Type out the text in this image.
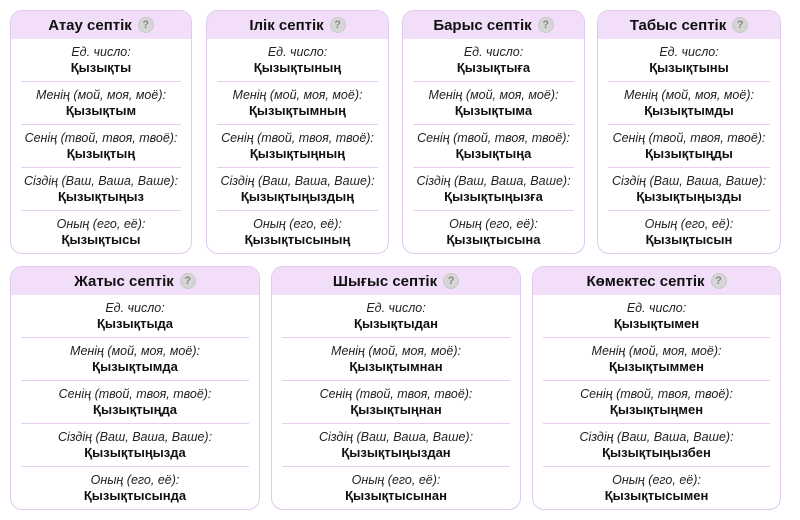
Атау септік ?
Ед. число:
Қызықты
Менің (мой, моя, моё):
Қызықтым
Сенің (твой, твоя, твоё):
Қызықтың
Сіздің (Ваш, Ваша, Ваше):
Қызықтыңыз
Оның (его, её):
Қызықтысы
Ілік септік ?
Ед. число:
Қызықтының
Менің (мой, моя, моё):
Қызықтымның
Сенің (твой, твоя, твоё):
Қызықтыңның
Сіздің (Ваш, Ваша, Ваше):
Қызықтыңыздың
Оның (его, её):
Қызықтысының
Барыс септік ?
Ед. число:
Қызықтыға
Менің (мой, моя, моё):
Қызықтыма
Сенің (твой, твоя, твоё):
Қызықтыңа
Сіздің (Ваш, Ваша, Ваше):
Қызықтыңызға
Оның (его, её):
Қызықтысына
Табыс септік ?
Ед. число:
Қызықтыны
Менің (мой, моя, моё):
Қызықтымды
Сенің (твой, твоя, твоё):
Қызықтыңды
Сіздің (Ваш, Ваша, Ваше):
Қызықтыңызды
Оның (его, её):
Қызықтысын
Жатыс септік ?
Ед. число:
Қызықтыда
Менің (мой, моя, моё):
Қызықтымда
Сенің (твой, твоя, твоё):
Қызықтыңда
Сіздің (Ваш, Ваша, Ваше):
Қызықтыңызда
Оның (его, её):
Қызықтысында
Шығыс септік ?
Ед. число:
Қызықтыдан
Менің (мой, моя, моё):
Қызықтымнан
Сенің (твой, твоя, твоё):
Қызықтыңнан
Сіздің (Ваш, Ваша, Ваше):
Қызықтыңыздан
Оның (его, её):
Қызықтысынан
Көмектес септік ?
Ед. число:
Қызықтымен
Менің (мой, моя, моё):
Қызықтыммен
Сенің (твой, твоя, твоё):
Қызықтыңмен
Сіздің (Ваш, Ваша, Ваше):
Қызықтыңызбен
Оның (его, её):
Қызықтысымен
